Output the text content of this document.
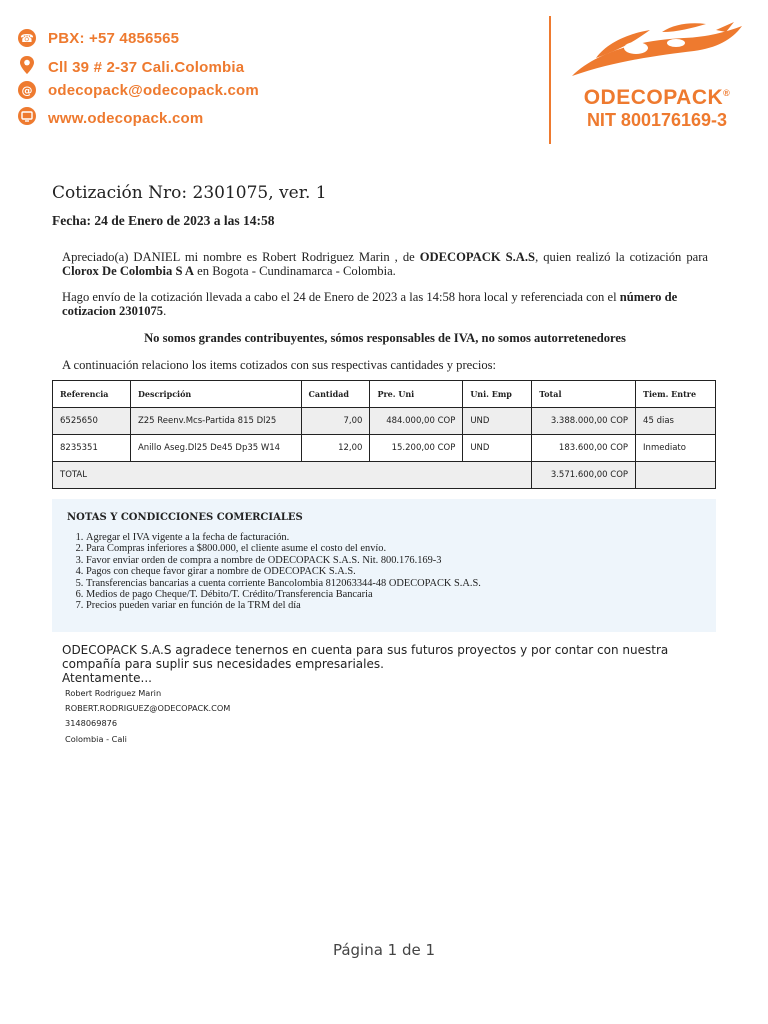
☎ PBX: +57 4856565
Cll 39 # 2-37 Cali.Colombia
@ odecopack@odecopack.com
www.odecopack.com
ODECOPACK®
NIT 800176169-3
Cotización Nro: 2301075, ver. 1
Fecha: 24 de Enero de 2023 a las 14:58
Apreciado(a) DANIEL mi nombre es Robert Rodriguez Marin , de ODECOPACK S.A.S, quien realizó la cotización para Clorox De Colombia S A en Bogota - Cundinamarca - Colombia.
Hago envío de la cotización llevada a cabo el 24 de Enero de 2023 a las 14:58 hora local y referenciada con el número de cotizacion 2301075.
No somos grandes contribuyentes, sómos responsables de IVA, no somos autorretenedores
A continuación relaciono los items cotizados con sus respectivas cantidades y precios:
Referencia	Descripción	Cantidad	Pre. Uni	Uni. Emp	Total	Tiem. Entre
6525650	Z25 Reenv.Mcs-Partida 815 Dl25	7,00	484.000,00 COP	UND	3.388.000,00 COP	45 dias
8235351	Anillo Aseg.Dl25 De45 Dp35 W14	12,00	15.200,00 COP	UND	183.600,00 COP	Inmediato
TOTAL					3.571.600,00 COP	
NOTAS Y CONDICCIONES COMERCIALES
1. Agregar el IVA vigente a la fecha de facturación.
2. Para Compras inferiores a $800.000, el cliente asume el costo del envío.
3. Favor enviar orden de compra a nombre de ODECOPACK S.A.S. Nit. 800.176.169-3
4. Pagos con cheque favor girar a nombre de ODECOPACK S.A.S.
5. Transferencias bancarias a cuenta corriente Bancolombia 812063344-48 ODECOPACK S.A.S.
6. Medios de pago Cheque/T. Débito/T. Crédito/Transferencia Bancaria
7. Precios pueden variar en función de la TRM del día
ODECOPACK S.A.S agradece tenernos en cuenta para sus futuros proyectos y por contar con nuestra compañía para suplir sus necesidades empresariales.
Atentamente...
Robert Rodriguez Marin
ROBERT.RODRIGUEZ@ODECOPACK.COM
3148069876
Colombia - Cali
Página 1 de 1
